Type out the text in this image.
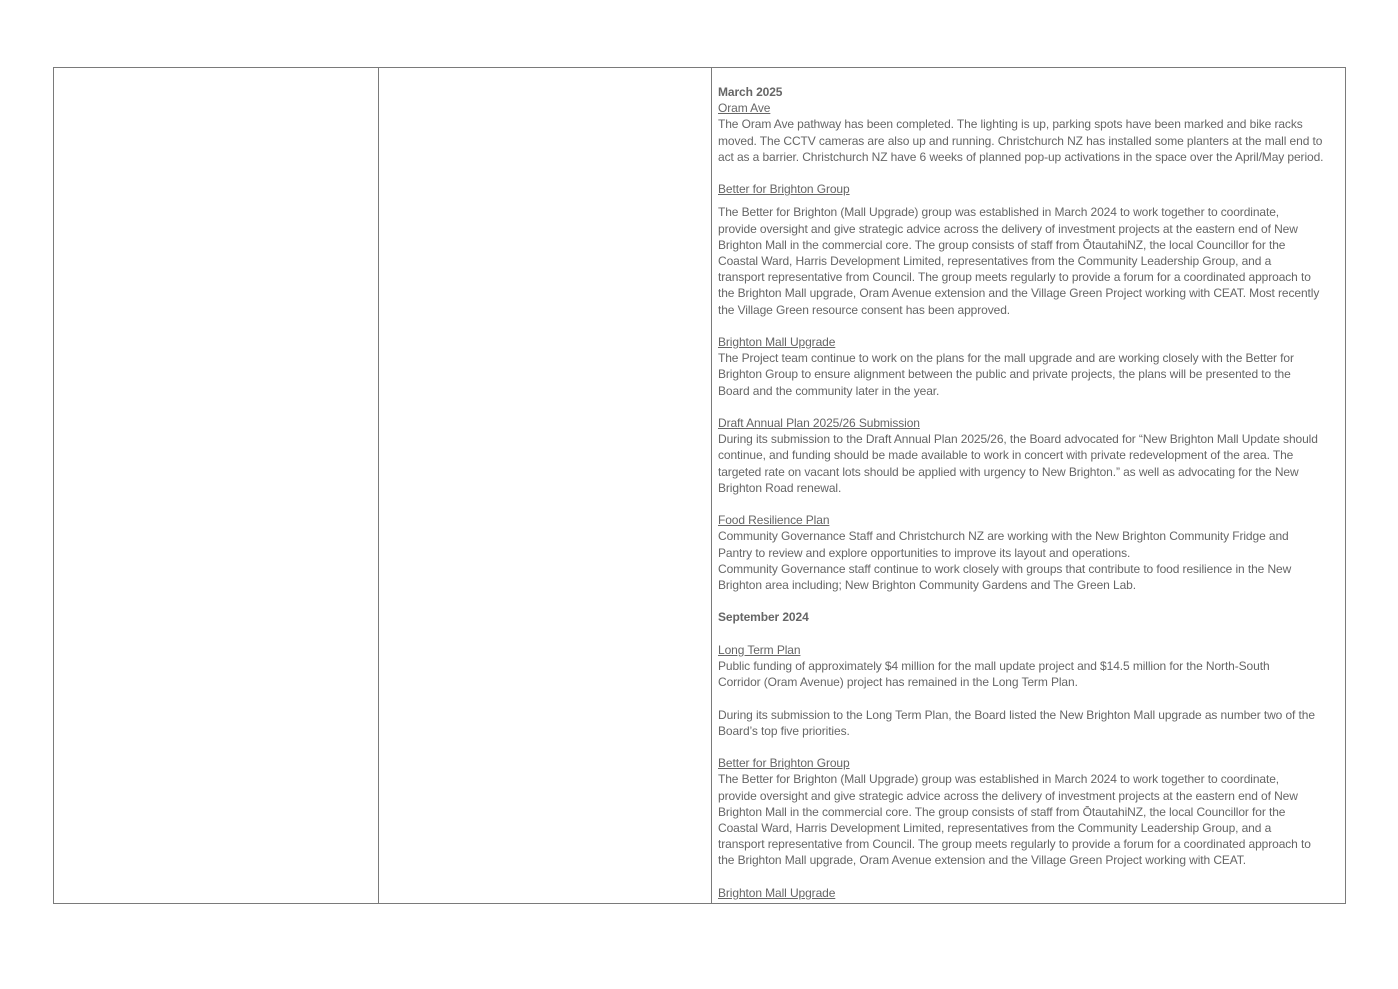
March 2025
Oram Ave
The Oram Ave pathway has been completed. The lighting is up, parking spots have been marked and bike racks
moved. The CCTV cameras are also up and running. Christchurch NZ has installed some planters at the mall end to
act as a barrier. Christchurch NZ have 6 weeks of planned pop-up activations in the space over the April/May period.
Better for Brighton Group
The Better for Brighton (Mall Upgrade) group was established in March 2024 to work together to coordinate,
provide oversight and give strategic advice across the delivery of investment projects at the eastern end of New
Brighton Mall in the commercial core. The group consists of staff from ŌtautahiNZ, the local Councillor for the
Coastal Ward, Harris Development Limited, representatives from the Community Leadership Group, and a
transport representative from Council. The group meets regularly to provide a forum for a coordinated approach to
the Brighton Mall upgrade, Oram Avenue extension and the Village Green Project working with CEAT. Most recently
the Village Green resource consent has been approved.
Brighton Mall Upgrade
The Project team continue to work on the plans for the mall upgrade and are working closely with the Better for
Brighton Group to ensure alignment between the public and private projects, the plans will be presented to the
Board and the community later in the year.
Draft Annual Plan 2025/26 Submission
During its submission to the Draft Annual Plan 2025/26, the Board advocated for “New Brighton Mall Update should
continue, and funding should be made available to work in concert with private redevelopment of the area. The
targeted rate on vacant lots should be applied with urgency to New Brighton.” as well as advocating for the New
Brighton Road renewal.
Food Resilience Plan
Community Governance Staff and Christchurch NZ are working with the New Brighton Community Fridge and
Pantry to review and explore opportunities to improve its layout and operations.
Community Governance staff continue to work closely with groups that contribute to food resilience in the New
Brighton area including; New Brighton Community Gardens and The Green Lab.
September 2024
Long Term Plan
Public funding of approximately $4 million for the mall update project and $14.5 million for the North-South
Corridor (Oram Avenue) project has remained in the Long Term Plan.
During its submission to the Long Term Plan, the Board listed the New Brighton Mall upgrade as number two of the
Board’s top five priorities.
Better for Brighton Group
The Better for Brighton (Mall Upgrade) group was established in March 2024 to work together to coordinate,
provide oversight and give strategic advice across the delivery of investment projects at the eastern end of New
Brighton Mall in the commercial core. The group consists of staff from ŌtautahiNZ, the local Councillor for the
Coastal Ward, Harris Development Limited, representatives from the Community Leadership Group, and a
transport representative from Council. The group meets regularly to provide a forum for a coordinated approach to
the Brighton Mall upgrade, Oram Avenue extension and the Village Green Project working with CEAT.
Brighton Mall Upgrade
